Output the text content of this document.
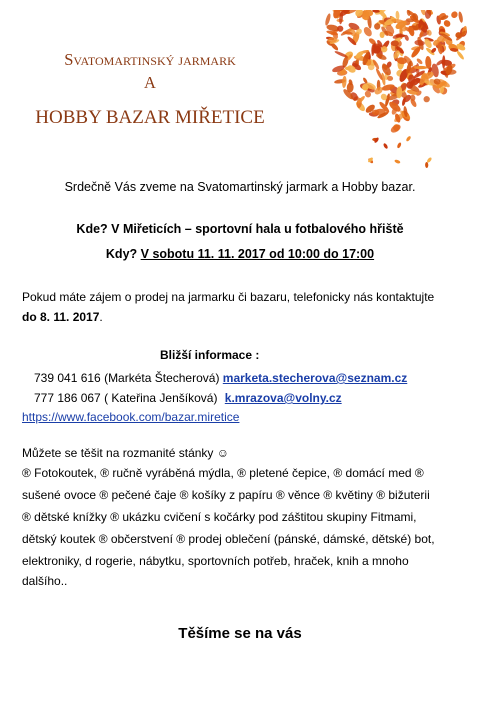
Svatomartinský jarmark
A
HOBBY BAZAR MIŘETICE
Srdečně Vás zveme na Svatomartinský jarmark a Hobby bazar.
Kde? V Miřeticích – sportovní hala u fotbalového hřiště
Kdy? V sobotu 11. 11. 2017 od 10:00 do 17:00
Pokud máte zájem o prodej na jarmarku či bazaru, telefonicky nás kontaktujte
do 8. 11. 2017.
Bližší informace :
739 041 616 (Markéta Štecherová) marketa.stecherova@seznam.cz
777 186 067 ( Kateřina Jenšíková) k.mrazova@volny.cz
https://www.facebook.com/bazar.miretice
Můžete se těšit na rozmanité stánky ☺
® Fotokoutek, ® ručně vyráběná mýdla, ® pletené čepice, ® domácí med ®
sušené ovoce ® pečené čaje ® košíky z papíru ® věnce ® květiny ® bižuterii
® dětské knížky ® ukázku cvičení s kočárky pod záštitou skupiny Fitmami,
dětský koutek ® občerstvení ® prodej oblečení (pánské, dámské, dětské) bot,
elektroniky, d rogerie, nábytku, sportovních potřeb, hraček, knih a mnoho
dalšího..
Těšíme se na vás
